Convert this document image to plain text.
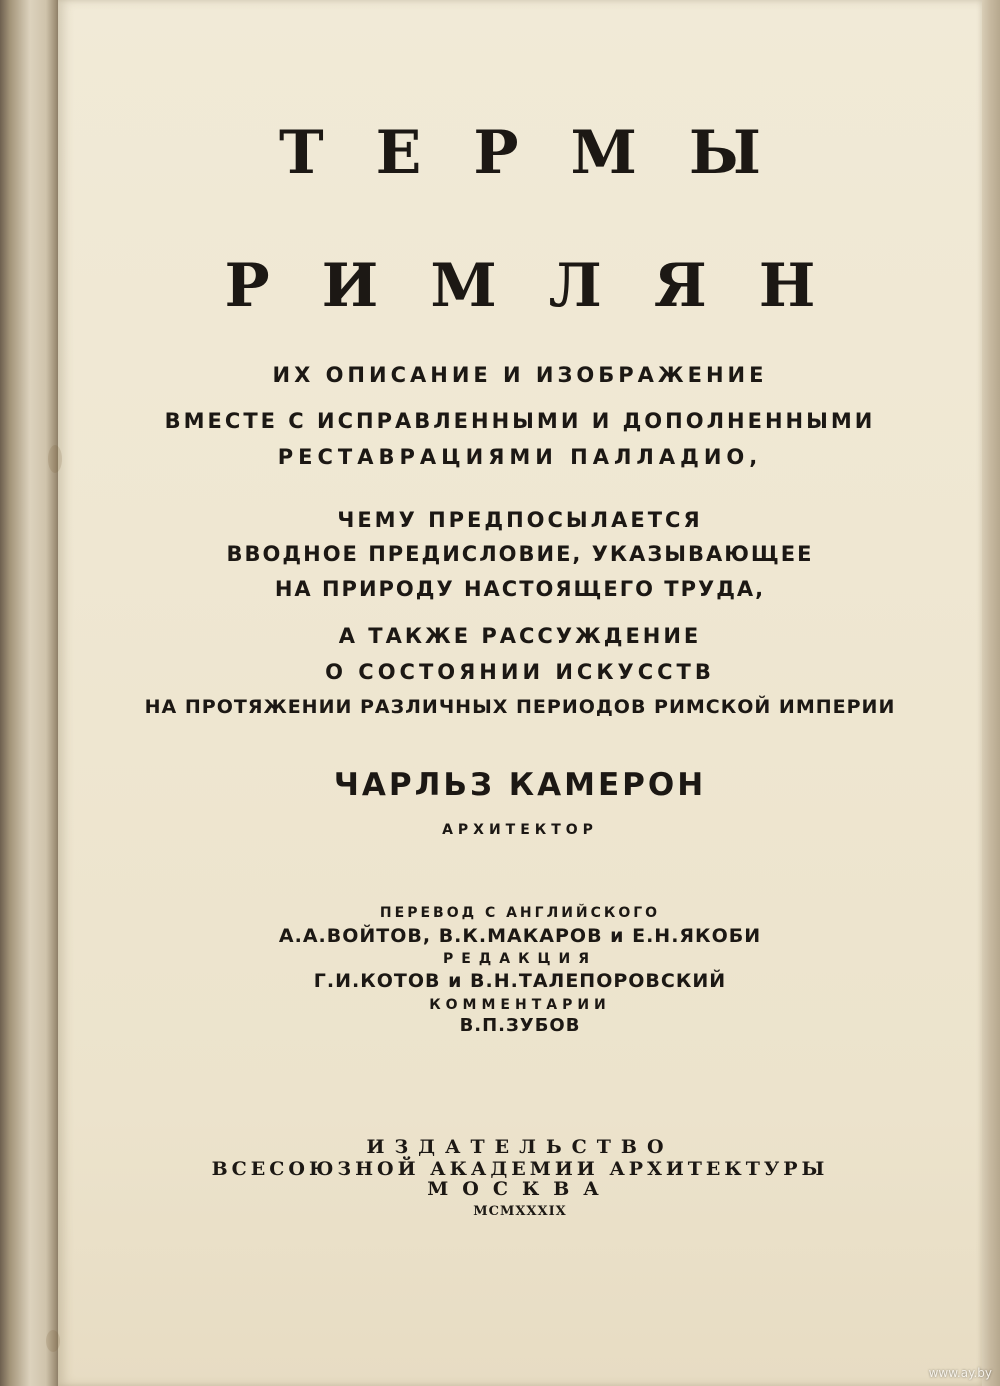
ТЕРМЫ
РИМЛЯН
ИХ ОПИСАНИЕ И ИЗОБРАЖЕНИЕ
ВМЕСТЕ С ИСПРАВЛЕННЫМИ И ДОПОЛНЕННЫМИ
РЕСТАВРАЦИЯМИ ПАЛЛАДИО,
ЧЕМУ ПРЕДПОСЫЛАЕТСЯ
ВВОДНОЕ ПРЕДИСЛОВИЕ, УКАЗЫВАЮЩЕЕ
НА ПРИРОДУ НАСТОЯЩЕГО ТРУДА,
А ТАКЖЕ РАССУЖДЕНИЕ
О СОСТОЯНИИ ИСКУССТВ
НА ПРОТЯЖЕНИИ РАЗЛИЧНЫХ ПЕРИОДОВ РИМСКОЙ ИМПЕРИИ
ЧАРЛЬЗ КАМЕРОН
АРХИТЕКТОР
ПЕРЕВОД С АНГЛИЙСКОГО
А.А.ВОЙТОВ, В.К.МАКАРОВ и Е.Н.ЯКОБИ
РЕДАКЦИЯ
Г.И.КОТОВ и В.Н.ТАЛЕПОРОВСКИЙ
КОММЕНТАРИИ
В.П.ЗУБОВ
ИЗДАТЕЛЬСТВО
ВСЕСОЮЗНОЙ АКАДЕМИИ АРХИТЕКТУРЫ
МОСКВА
MCMXXXIX
www.ay.by
